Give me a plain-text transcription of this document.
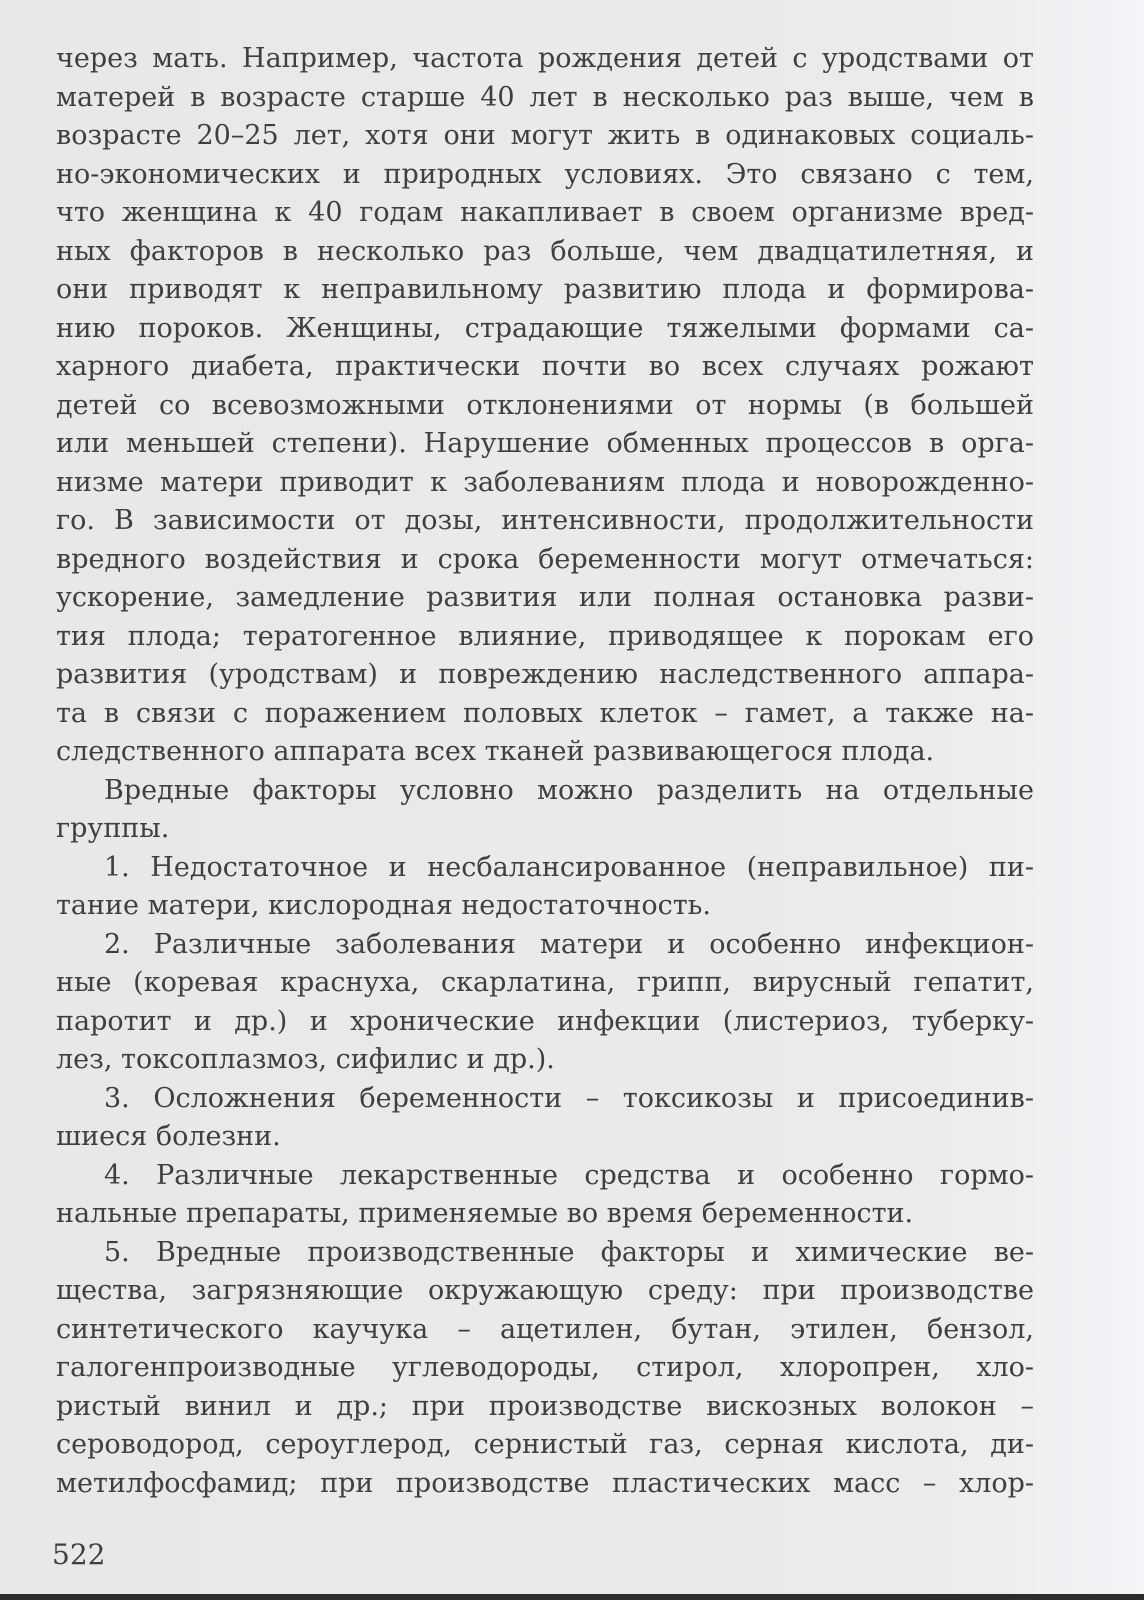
через мать. Например, частота рождения детей с уродствами от
матерей в возрасте старше 40 лет в несколько раз выше, чем в
возрасте 20–25 лет, хотя они могут жить в одинаковых социаль-
но-экономических и природных условиях. Это связано с тем,
что женщина к 40 годам накапливает в своем организме вред-
ных факторов в несколько раз больше, чем двадцатилетняя, и
они приводят к неправильному развитию плода и формирова-
нию пороков. Женщины, страдающие тяжелыми формами са-
харного диабета, практически почти во всех случаях рожают
детей со всевозможными отклонениями от нормы (в большей
или меньшей степени). Нарушение обменных процессов в орга-
низме матери приводит к заболеваниям плода и новорожденно-
го. В зависимости от дозы, интенсивности, продолжительности
вредного воздействия и срока беременности могут отмечаться:
ускорение, замедление развития или полная остановка разви-
тия плода; тератогенное влияние, приводящее к порокам его
развития (уродствам) и повреждению наследственного аппара-
та в связи с поражением половых клеток – гамет, а также на-
следственного аппарата всех тканей развивающегося плода.
Вредные факторы условно можно разделить на отдельные
группы.
1. Недостаточное и несбалансированное (неправильное) пи-
тание матери, кислородная недостаточность.
2. Различные заболевания матери и особенно инфекцион-
ные (коревая краснуха, скарлатина, грипп, вирусный гепатит,
паротит и др.) и хронические инфекции (листериоз, туберку-
лез, токсоплазмоз, сифилис и др.).
3. Осложнения беременности – токсикозы и присоединив-
шиеся болезни.
4. Различные лекарственные средства и особенно гормо-
нальные препараты, применяемые во время беременности.
5. Вредные производственные факторы и химические ве-
щества, загрязняющие окружающую среду: при производстве
синтетического каучука – ацетилен, бутан, этилен, бензол,
галогенпроизводные углеводороды, стирол, хлоропрен, хло-
ристый винил и др.; при производстве вискозных волокон –
сероводород, сероуглерод, сернистый газ, серная кислота, ди-
метилфосфамид; при производстве пластических масс – хлор-
522
